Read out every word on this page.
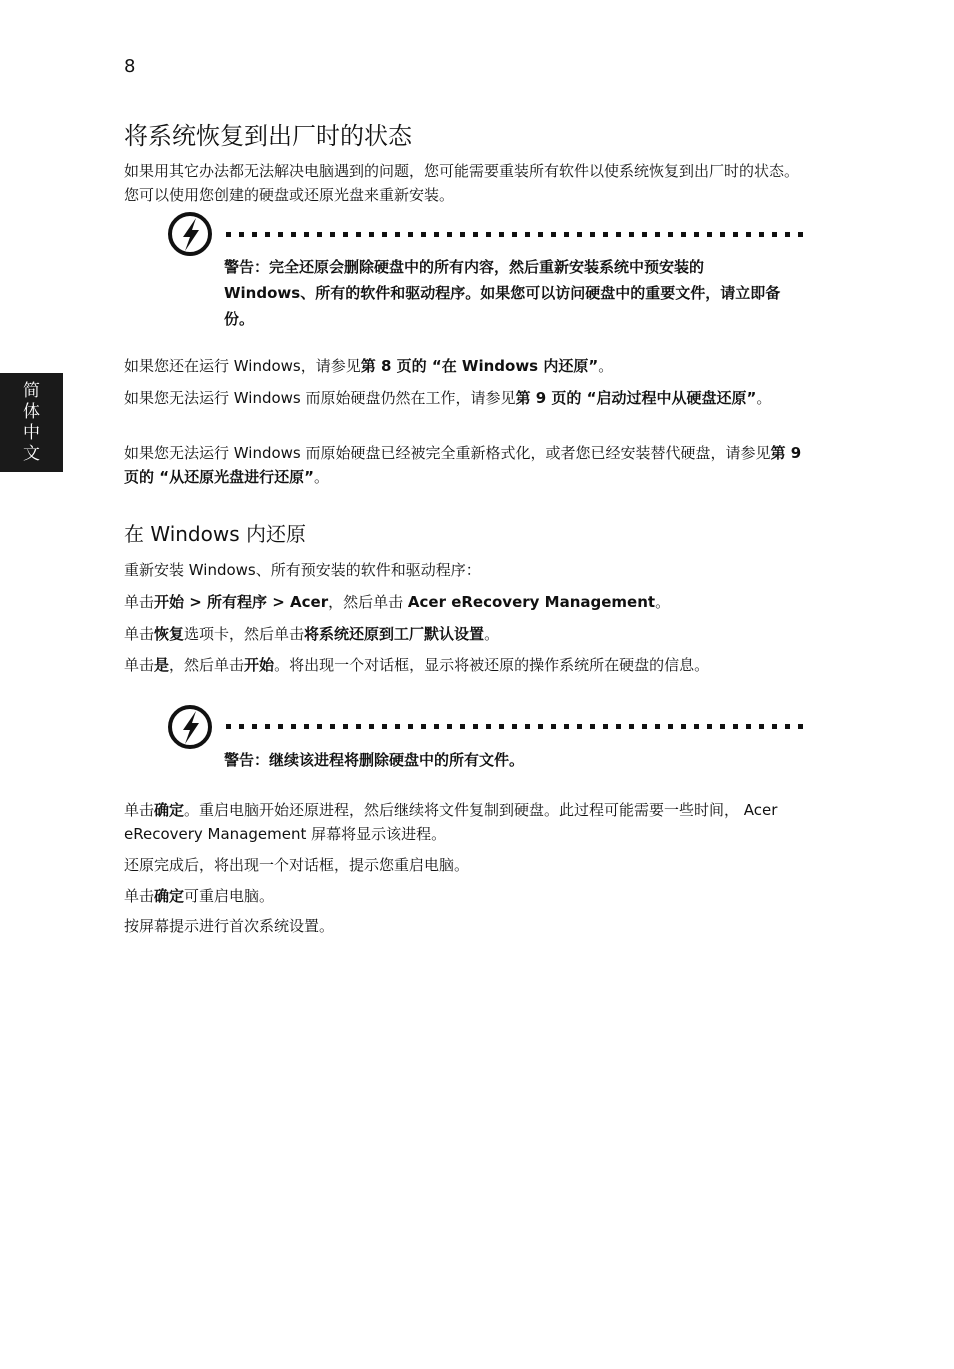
8
简
体
中
文
将系统恢复到出厂时的状态

如果用其它办法都无法解决电脑遇到的问题，您可能需要重装所有软件以使系统恢复到出厂时的状态。您可以使用您创建的硬盘或还原光盘来重新安装。

警告：完全还原会删除硬盘中的所有内容，然后重新安装系统中预安装的 Windows、所有的软件和驱动程序。如果您可以访问硬盘中的重要文件，请立即备份。

如果您还在运行 Windows，请参见第 8 页的 “在 Windows 内还原”。

如果您无法运行 Windows 而原始硬盘仍然在工作，请参见第 9 页的 “启动过程中从硬盘还原”。

如果您无法运行 Windows 而原始硬盘已经被完全重新格式化，或者您已经安装替代硬盘，请参见第 9 页的 “从还原光盘进行还原”。

在 Windows 内还原

重新安装 Windows、所有预安装的软件和驱动程序：

单击开始 > 所有程序 > Acer，然后单击 Acer eRecovery Management。

单击恢复选项卡，然后单击将系统还原到工厂默认设置。

单击是，然后单击开始。将出现一个对话框，显示将被还原的操作系统所在硬盘的信息。

警告：继续该进程将删除硬盘中的所有文件。

单击确定。重启电脑开始还原进程，然后继续将文件复制到硬盘。此过程可能需要一些时间， Acer eRecovery Management 屏幕将显示该进程。

还原完成后，将出现一个对话框，提示您重启电脑。

单击确定可重启电脑。

按屏幕提示进行首次系统设置。
